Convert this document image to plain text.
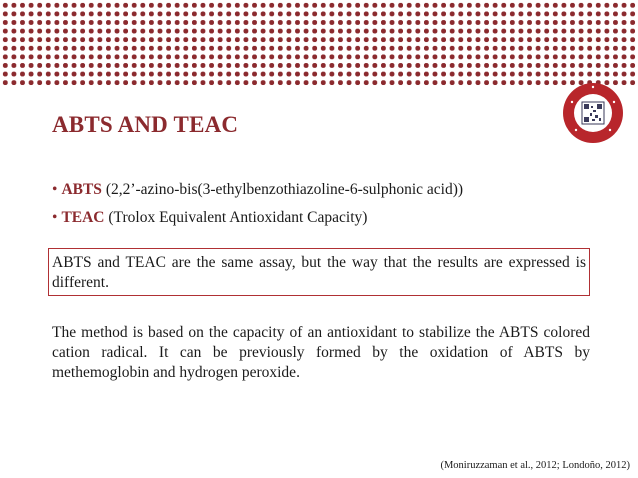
ABTS AND TEAC
• ABTS (2,2’-azino-bis(3-ethylbenzothiazoline-6-sulphonic acid))
• TEAC (Trolox Equivalent Antioxidant Capacity)
ABTS and TEAC are the same assay, but the way that the results are expressed is different.
The method is based on the capacity of an antioxidant to stabilize the ABTS colored cation radical. It can be previously formed by the oxidation of ABTS by methemoglobin and hydrogen peroxide.
(Moniruzzaman et al., 2012; Londoño, 2012)
